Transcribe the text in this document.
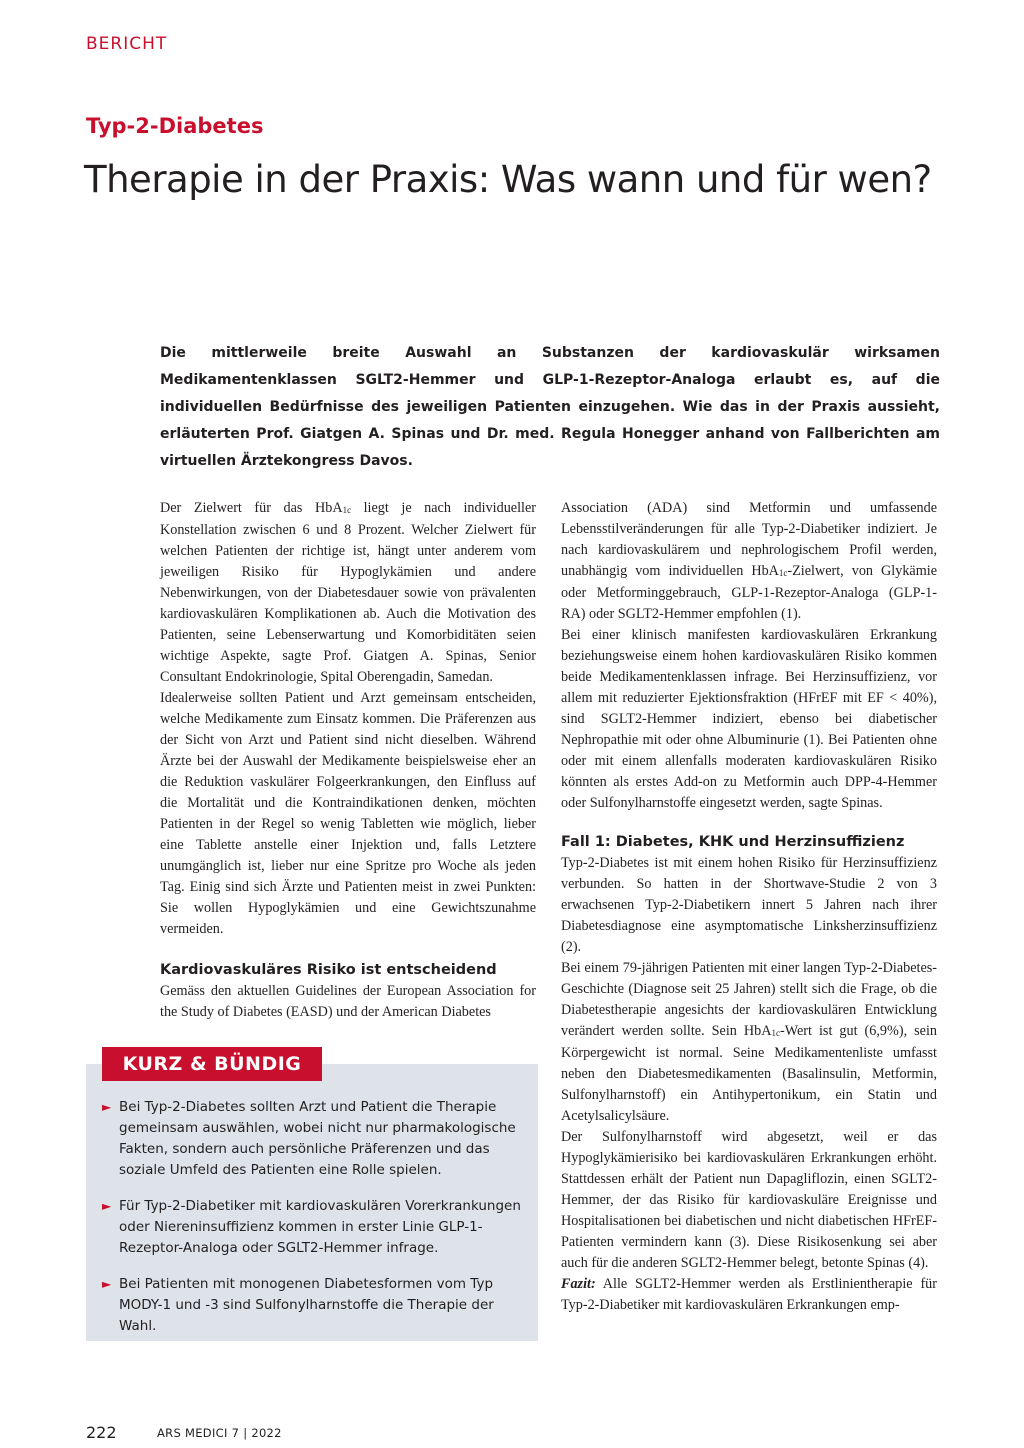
BERICHT
Typ-2-Diabetes
Therapie in der Praxis: Was wann und für wen?

Die mittlerweile breite Auswahl an Substanzen der kardiovaskulär wirksamen Medikamentenklassen SGLT2-Hemmer und GLP-1-Rezeptor-Analoga erlaubt es, auf die individuellen Bedürfnisse des jeweiligen Patienten einzugehen. Wie das in der Praxis aussieht, erläuterten Prof. Giatgen A. Spinas und Dr. med. Regula Honegger anhand von Fallberichten am virtuellen Ärztekongress Davos.

Der Zielwert für das HbA$_{1c}$ liegt je nach individueller Konstellation zwischen 6 und 8 Prozent. Welcher Zielwert für welchen Patienten der richtige ist, hängt unter anderem vom jeweiligen Risiko für Hypoglykämien und andere Nebenwirkungen, von der Diabetesdauer sowie von prävalenten kardiovaskulären Komplikationen ab. Auch die Motivation des Patienten, seine Lebenserwartung und Komorbiditäten seien wichtige Aspekte, sagte Prof. Giatgen A. Spinas, Senior Consultant Endokrinologie, Spital Oberengadin, Samedan.

Idealerweise sollten Patient und Arzt gemeinsam entscheiden, welche Medikamente zum Einsatz kommen. Die Präferenzen aus der Sicht von Arzt und Patient sind nicht dieselben. Während Ärzte bei der Auswahl der Medikamente beispielsweise eher an die Reduktion vaskulärer Folgeerkrankungen, den Einfluss auf die Mortalität und die Kontraindikationen denken, möchten Patienten in der Regel so wenig Tabletten wie möglich, lieber eine Tablette anstelle einer Injektion und, falls Letztere unumgänglich ist, lieber nur eine Spritze pro Woche als jeden Tag. Einig sind sich Ärzte und Patienten meist in zwei Punkten: Sie wollen Hypoglykämien und eine Gewichtszunahme vermeiden.

Kardiovaskuläres Risiko ist entscheidend

Gemäss den aktuellen Guidelines der European Association for the Study of Diabetes (EASD) und der American Diabetes

Association (ADA) sind Metformin und umfassende Lebensstilveränderungen für alle Typ-2-Diabetiker indiziert. Je nach kardiovaskulärem und nephrologischem Profil werden, unabhängig vom individuellen HbA$_{1c}$-Zielwert, von Glykämie oder Metforminggebrauch, GLP-1-Rezeptor-Analoga (GLP-1-RA) oder SGLT2-Hemmer empfohlen (1).

Bei einer klinisch manifesten kardiovaskulären Erkrankung beziehungsweise einem hohen kardiovaskulären Risiko kommen beide Medikamentenklassen infrage. Bei Herzinsuffizienz, vor allem mit reduzierter Ejektionsfraktion (HFrEF mit EF < 40%), sind SGLT2-Hemmer indiziert, ebenso bei diabetischer Nephropathie mit oder ohne Albuminurie (1). Bei Patienten ohne oder mit einem allenfalls moderaten kardiovaskulären Risiko könnten als erstes Add-on zu Metformin auch DPP-4-Hemmer oder Sulfonylharnstoffe eingesetzt werden, sagte Spinas.

Fall 1: Diabetes, KHK und Herzinsuffizienz

Typ-2-Diabetes ist mit einem hohen Risiko für Herzinsuffizienz verbunden. So hatten in der Shortwave-Studie 2 von 3 erwachsenen Typ-2-Diabetikern innert 5 Jahren nach ihrer Diabetesdiagnose eine asymptomatische Linksherzinsuffizienz (2).

Bei einem 79-jährigen Patienten mit einer langen Typ-2-Diabetes-Geschichte (Diagnose seit 25 Jahren) stellt sich die Frage, ob die Diabetestherapie angesichts der kardiovaskulären Entwicklung verändert werden sollte. Sein HbA$_{1c}$-Wert ist gut (6,9%), sein Körpergewicht ist normal. Seine Medikamentenliste umfasst neben den Diabetesmedikamenten (Basalinsulin, Metformin, Sulfonylharnstoff) ein Antihypertonikum, ein Statin und Acetylsalicylsäure.

Der Sulfonylharnstoff wird abgesetzt, weil er das Hypoglykämierisiko bei kardiovaskulären Erkrankungen erhöht. Stattdessen erhält der Patient nun Dapagliflozin, einen SGLT2-Hemmer, der das Risiko für kardiovaskuläre Ereignisse und Hospitalisationen bei diabetischen und nicht diabetischen HFrEF-Patienten vermindern kann (3). Diese Risikosenkung sei aber auch für die anderen SGLT2-Hemmer belegt, betonte Spinas (4).

Fazit: Alle SGLT2-Hemmer werden als Erstlinientherapie für Typ-2-Diabetiker mit kardiovaskulären Erkrankungen emp-

KURZ & BÜNDIG
► Bei Typ-2-Diabetes sollten Arzt und Patient die Therapie gemeinsam auswählen, wobei nicht nur pharmakologische Fakten, sondern auch persönliche Präferenzen und das soziale Umfeld des Patienten eine Rolle spielen.
► Für Typ-2-Diabetiker mit kardiovaskulären Vorerkrankungen oder Niereninsuffizienz kommen in erster Linie GLP-1-Rezeptor-Analoga oder SGLT2-Hemmer infrage.
► Bei Patienten mit monogenen Diabetesformen vom Typ MODY-1 und -3 sind Sulfonylharnstoffe die Therapie der Wahl.
222	ARS MEDICI 7 | 2022
